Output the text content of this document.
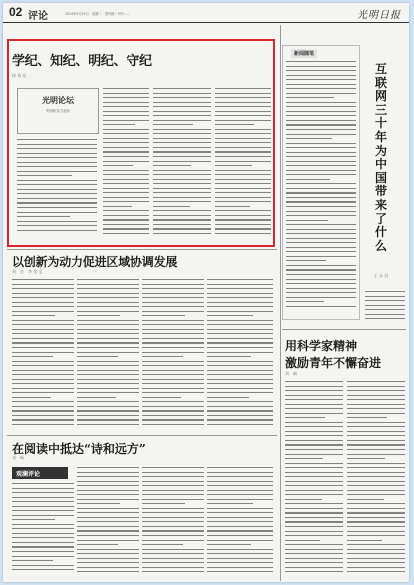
02 评论	2014年9月29日　星期二　国内统一刊号……	光明日报
学纪、知纪、明纪、守纪
扬 春 花
光明论坛
中国软实力论坛
以创新为动力促进区域协调发展
刘　宏　李 荣 宝
在阅读中抵达“诗和远方”
刘　畅
观澜评论
新闻随笔
互
联
网
三
十
年
为
中
国
带
来
了
什
么
王 永 昌
用科学家精神
激励青年不懈奋进
刘　畅
